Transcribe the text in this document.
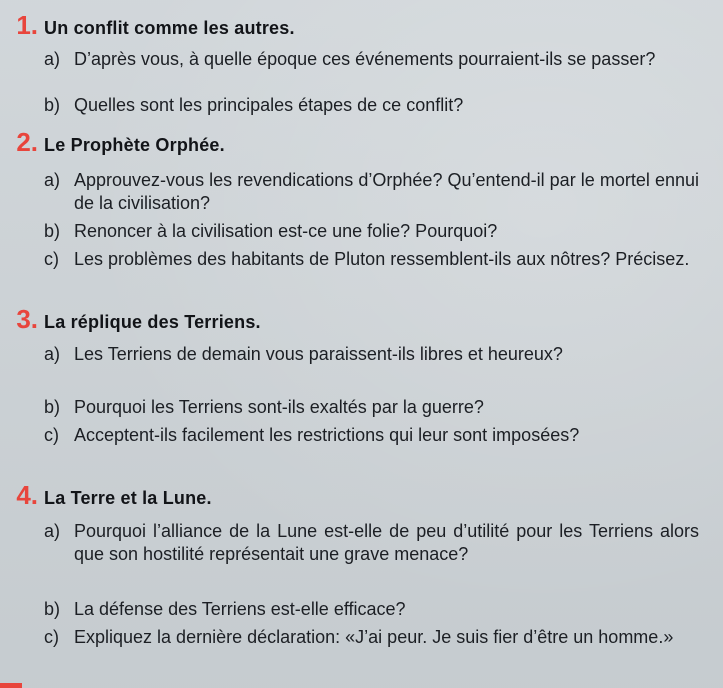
1. Un conflit comme les autres.
a) D’après vous, à quelle époque ces événements pourraient-ils se passer?
b) Quelles sont les principales étapes de ce conflit?
2. Le Prophète Orphée.
a) Approuvez-vous les revendications d’Orphée? Qu’entend-il par le mortel ennui de la civilisation?
b) Renoncer à la civilisation est-ce une folie? Pourquoi?
c) Les problèmes des habitants de Pluton ressemblent-ils aux nôtres? Précisez.
3. La réplique des Terriens.
a) Les Terriens de demain vous paraissent-ils libres et heureux?
b) Pourquoi les Terriens sont-ils exaltés par la guerre?
c) Acceptent-ils facilement les restrictions qui leur sont imposées?
4. La Terre et la Lune.
a) Pourquoi l’alliance de la Lune est-elle de peu d’utilité pour les Terriens alors que son hostilité représentait une grave menace?
b) La défense des Terriens est-elle efficace?
c) Expliquez la dernière déclaration: «J’ai peur. Je suis fier d’être un homme.»
